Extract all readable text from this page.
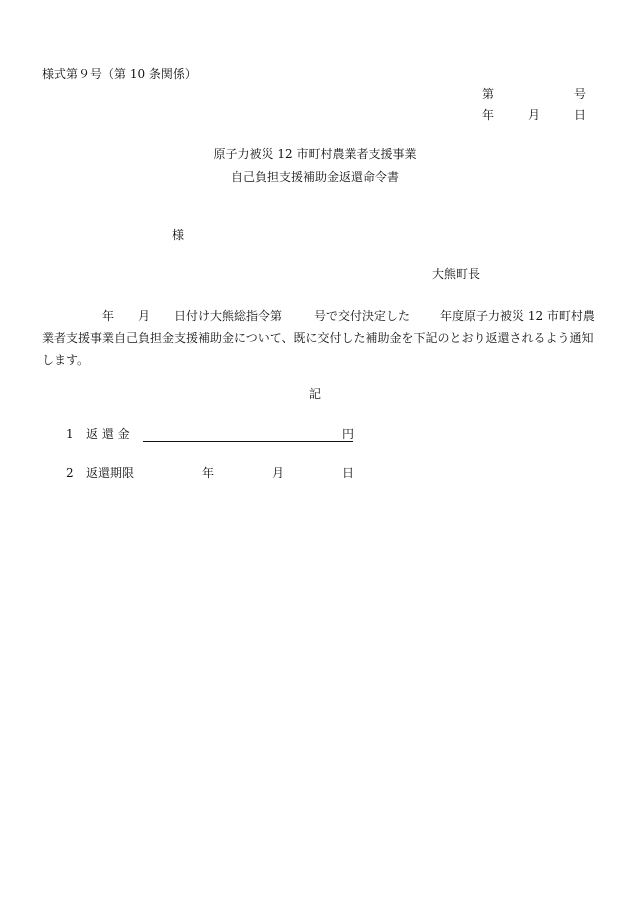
様式第９号（第 10 条関係）
第	号
年	月	日
原子力被災 12 市町村農業者支援事業
自己負担支援補助金返還命令書
様
大熊町長
年 月 日付け大熊総指令第	号で交付決定した 年度原子力被災 12 市町村農
業者支援事業自己負担金支援補助金について、既に交付した補助金を下記のとおり返還されるよう通知
します。
記
1 返 還 金	円
2 返還期限	年	月	日
